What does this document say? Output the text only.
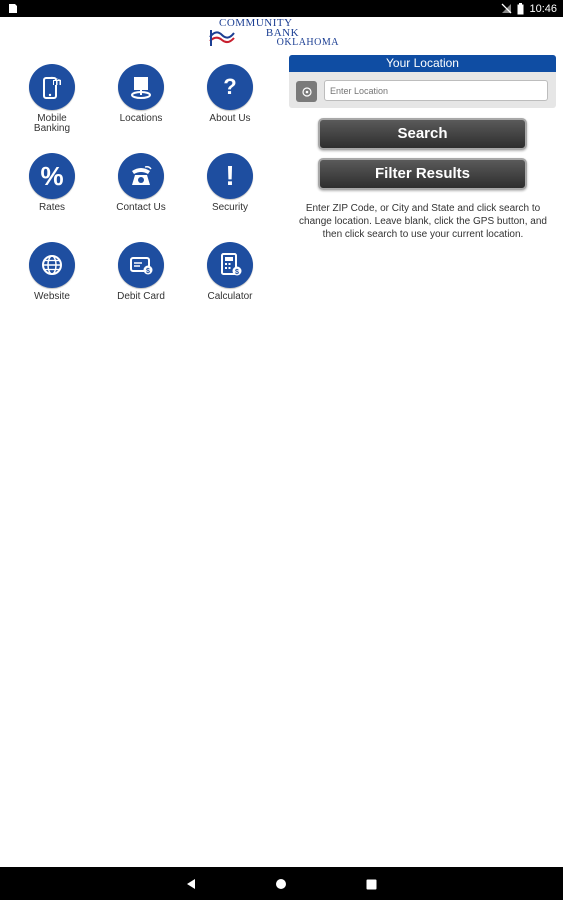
10:46
COMMUNITY
BANK
OKLAHOMA
Mobile
Banking
Locations
?
About Us
%
Rates	Contact Us
!
Security
Website
$
Debit Card
$
Calculator
Your Location
Enter Location
Search
Filter Results
Enter ZIP Code, or City and State and click search to change location. Leave blank, click the GPS button, and then click search to use your current location.
